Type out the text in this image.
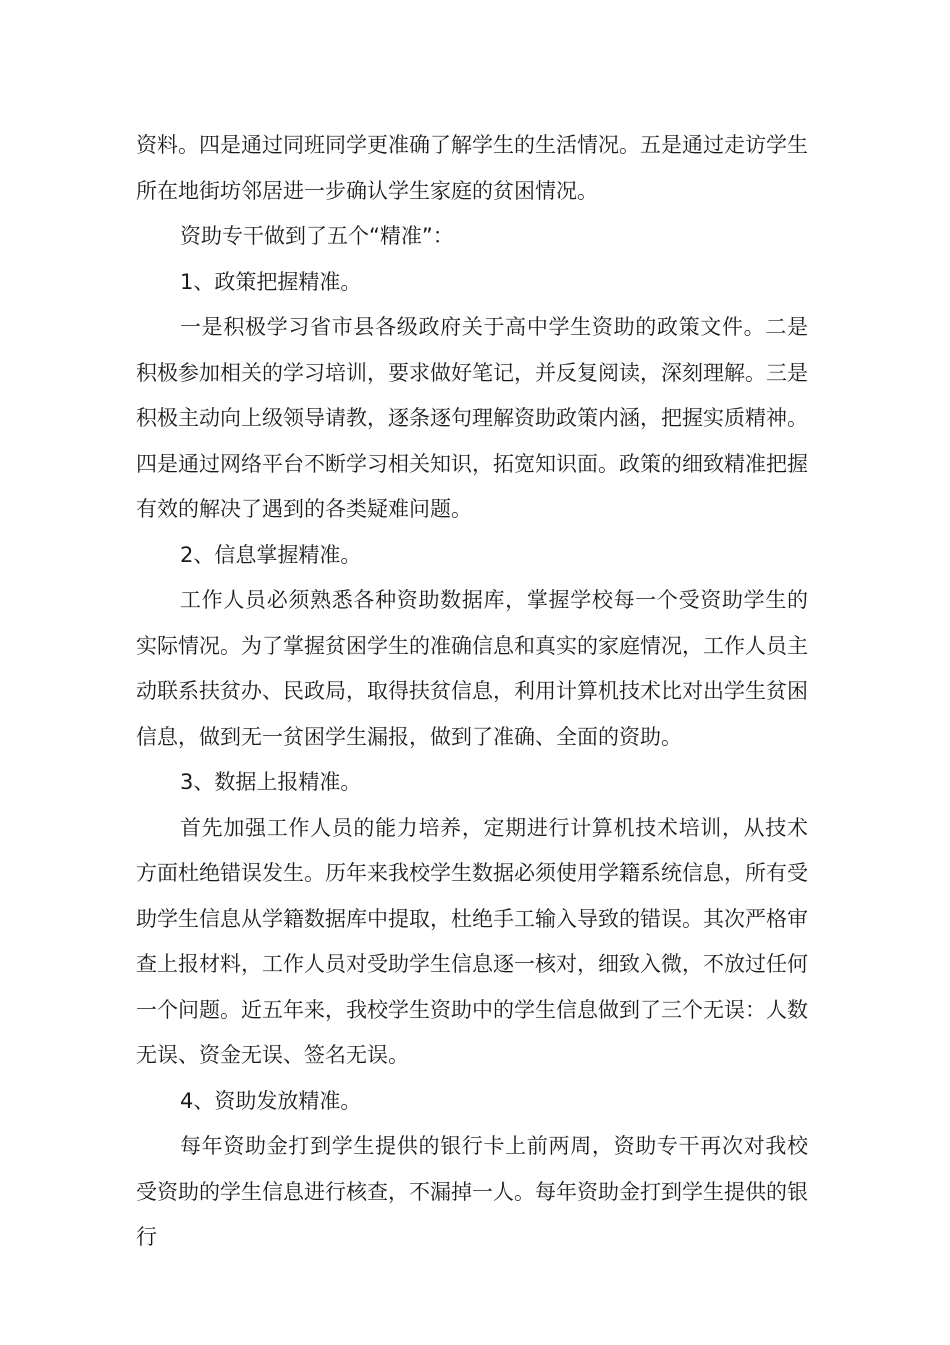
资料。四是通过同班同学更准确了解学生的生活情况。五是通过走访学生所在地街坊邻居进一步确认学生家庭的贫困情况。

资助专干做到了五个“精准”：

1、政策把握精准。

一是积极学习省市县各级政府关于高中学生资助的政策文件。二是积极参加相关的学习培训，要求做好笔记，并反复阅读，深刻理解。三是积极主动向上级领导请教，逐条逐句理解资助政策内涵，把握实质精神。四是通过网络平台不断学习相关知识，拓宽知识面。政策的细致精准把握有效的解决了遇到的各类疑难问题。

2、信息掌握精准。

工作人员必须熟悉各种资助数据库，掌握学校每一个受资助学生的实际情况。为了掌握贫困学生的准确信息和真实的家庭情况，工作人员主动联系扶贫办、民政局，取得扶贫信息，利用计算机技术比对出学生贫困信息，做到无一贫困学生漏报，做到了准确、全面的资助。

3、数据上报精准。

首先加强工作人员的能力培养，定期进行计算机技术培训，从技术方面杜绝错误发生。历年来我校学生数据必须使用学籍系统信息，所有受助学生信息从学籍数据库中提取，杜绝手工输入导致的错误。其次严格审查上报材料，工作人员对受助学生信息逐一核对，细致入微，不放过任何一个问题。近五年来，我校学生资助中的学生信息做到了三个无误：人数无误、资金无误、签名无误。

4、资助发放精准。

每年资助金打到学生提供的银行卡上前两周，资助专干再次对我校受资助的学生信息进行核查，不漏掉一人。每年资助金打到学生提供的银行
